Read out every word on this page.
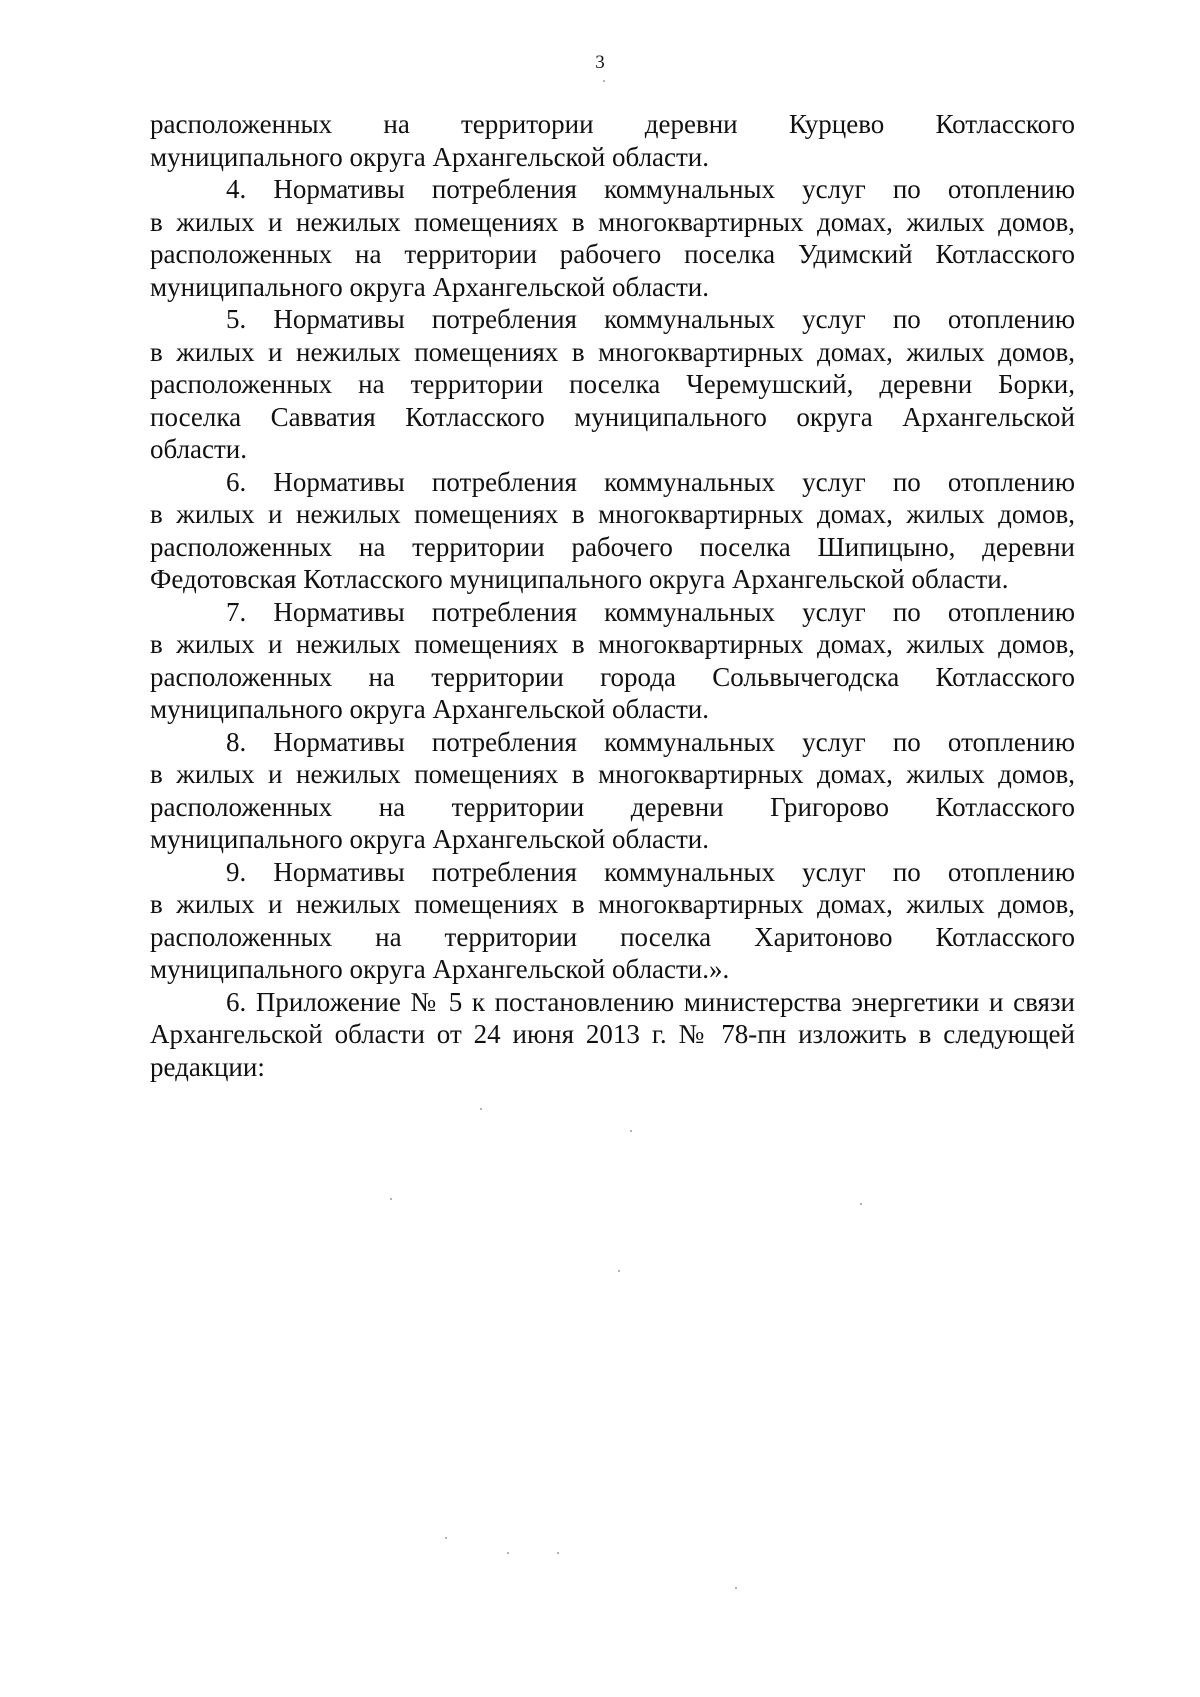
3

расположенных на территории деревни Курцево Котласского
муниципального округа Архангельской области.

4. Нормативы потребления коммунальных услуг по отоплению
в жилых и нежилых помещениях в многоквартирных домах, жилых домов,
расположенных на территории рабочего поселка Удимский Котласского
муниципального округа Архангельской области.

5. Нормативы потребления коммунальных услуг по отоплению
в жилых и нежилых помещениях в многоквартирных домах, жилых домов,
расположенных на территории поселка Черемушский, деревни Борки,
поселка Савватия Котласского муниципального округа Архангельской
области.

6. Нормативы потребления коммунальных услуг по отоплению
в жилых и нежилых помещениях в многоквартирных домах, жилых домов,
расположенных на территории рабочего поселка Шипицыно, деревни
Федотовская Котласского муниципального округа Архангельской области.

7. Нормативы потребления коммунальных услуг по отоплению
в жилых и нежилых помещениях в многоквартирных домах, жилых домов,
расположенных на территории города Сольвычегодска Котласского
муниципального округа Архангельской области.

8. Нормативы потребления коммунальных услуг по отоплению
в жилых и нежилых помещениях в многоквартирных домах, жилых домов,
расположенных на территории деревни Григорово Котласского
муниципального округа Архангельской области.

9. Нормативы потребления коммунальных услуг по отоплению
в жилых и нежилых помещениях в многоквартирных домах, жилых домов,
расположенных на территории поселка Харитоново Котласского
муниципального округа Архангельской области.».

6. Приложение № 5 к постановлению министерства энергетики и связи
Архангельской области от 24 июня 2013 г. № 78-пн изложить в следующей
редакции:
